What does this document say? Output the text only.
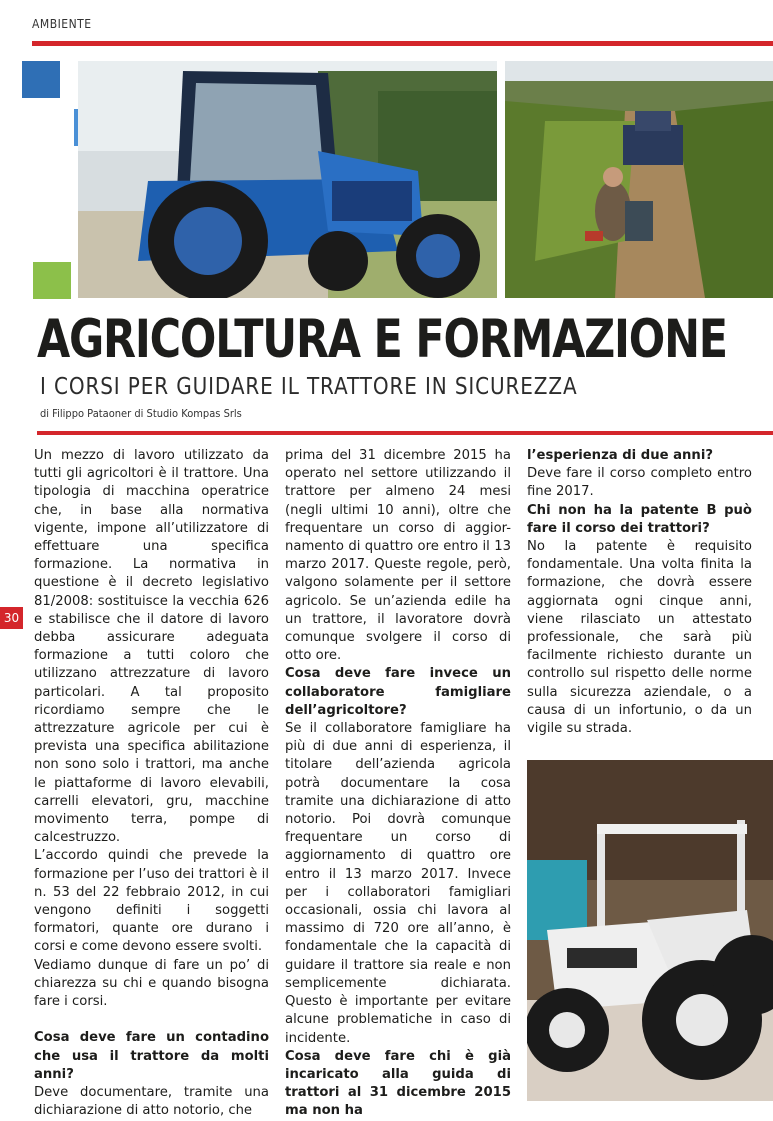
AMBIENTE
AGRICOLTURA E FORMAZIONE
I CORSI PER GUIDARE IL TRATTORE IN SICUREZZA
di Filippo Pataoner di Studio Kompas Srls
30

Un mezzo di lavoro utilizzato da tutti gli agricoltori è il trattore. Una tipologia di macchina operatrice che, in base alla normativa vigente, impone all’utilizzatore di effettuare una specifica formazione. La normativa in questione è il decreto legislativo 81/2008: sostituisce la vecchia 626 e stabilisce che il datore di lavoro debba assicurare adeguata formazione a tutti coloro che utilizzano attrezzature di lavoro particolari. A tal proposito ricordiamo sempre che le attrezzature agricole per cui è prevista una specifica abilitazione non sono solo i trattori, ma anche le piattaforme di lavoro elevabili, carrelli elevatori, gru, macchine movimento terra, pompe di calcestruzzo.

L’accordo quindi che prevede la formazione per l’uso dei trattori è il n. 53 del 22 febbraio 2012, in cui vengono definiti i soggetti formatori, quante ore durano i corsi e come devono essere svolti.

Vediamo dunque di fare un po’ di chiarezza su chi e quando bisogna fare i corsi.

Cosa deve fare un contadino che usa il trattore da molti anni?

Deve documentare, tramite una dichiarazione di atto notorio, che

prima del 31 dicembre 2015 ha operato nel settore utilizzando il trattore per almeno 24 mesi (negli ultimi 10 anni), oltre che frequentare un corso di aggior-namento di quattro ore entro il 13 marzo 2017. Queste regole, però, valgono solamente per il settore agricolo. Se un’azienda edile ha un trattore, il lavoratore dovrà comunque svolgere il corso di otto ore.

Cosa deve fare invece un collaboratore famigliare dell’agricoltore?

Se il collaboratore famigliare ha più di due anni di esperienza, il titolare dell’azienda agricola potrà documentare la cosa tramite una dichiarazione di atto notorio. Poi dovrà comunque frequentare un corso di aggiornamento di quattro ore entro il 13 marzo 2017. Invece per i collaboratori famigliari occasionali, ossia chi lavora al massimo di 720 ore all’anno, è fondamentale che la capacità di guidare il trattore sia reale e non semplicemente dichiarata. Questo è importante per evitare alcune problematiche in caso di incidente.

Cosa deve fare chi è già incaricato alla guida di trattori al 31 dicembre 2015 ma non ha

l’esperienza di due anni?

Deve fare il corso completo entro fine 2017.

Chi non ha la patente B può fare il corso dei trattori?

No la patente è requisito fondamentale. Una volta finita la formazione, che dovrà essere aggiornata ogni cinque anni, viene rilasciato un attestato professionale, che sarà più facilmente richiesto durante un controllo sul rispetto delle norme sulla sicurezza aziendale, o a causa di un infortunio, o da un vigile su strada.
